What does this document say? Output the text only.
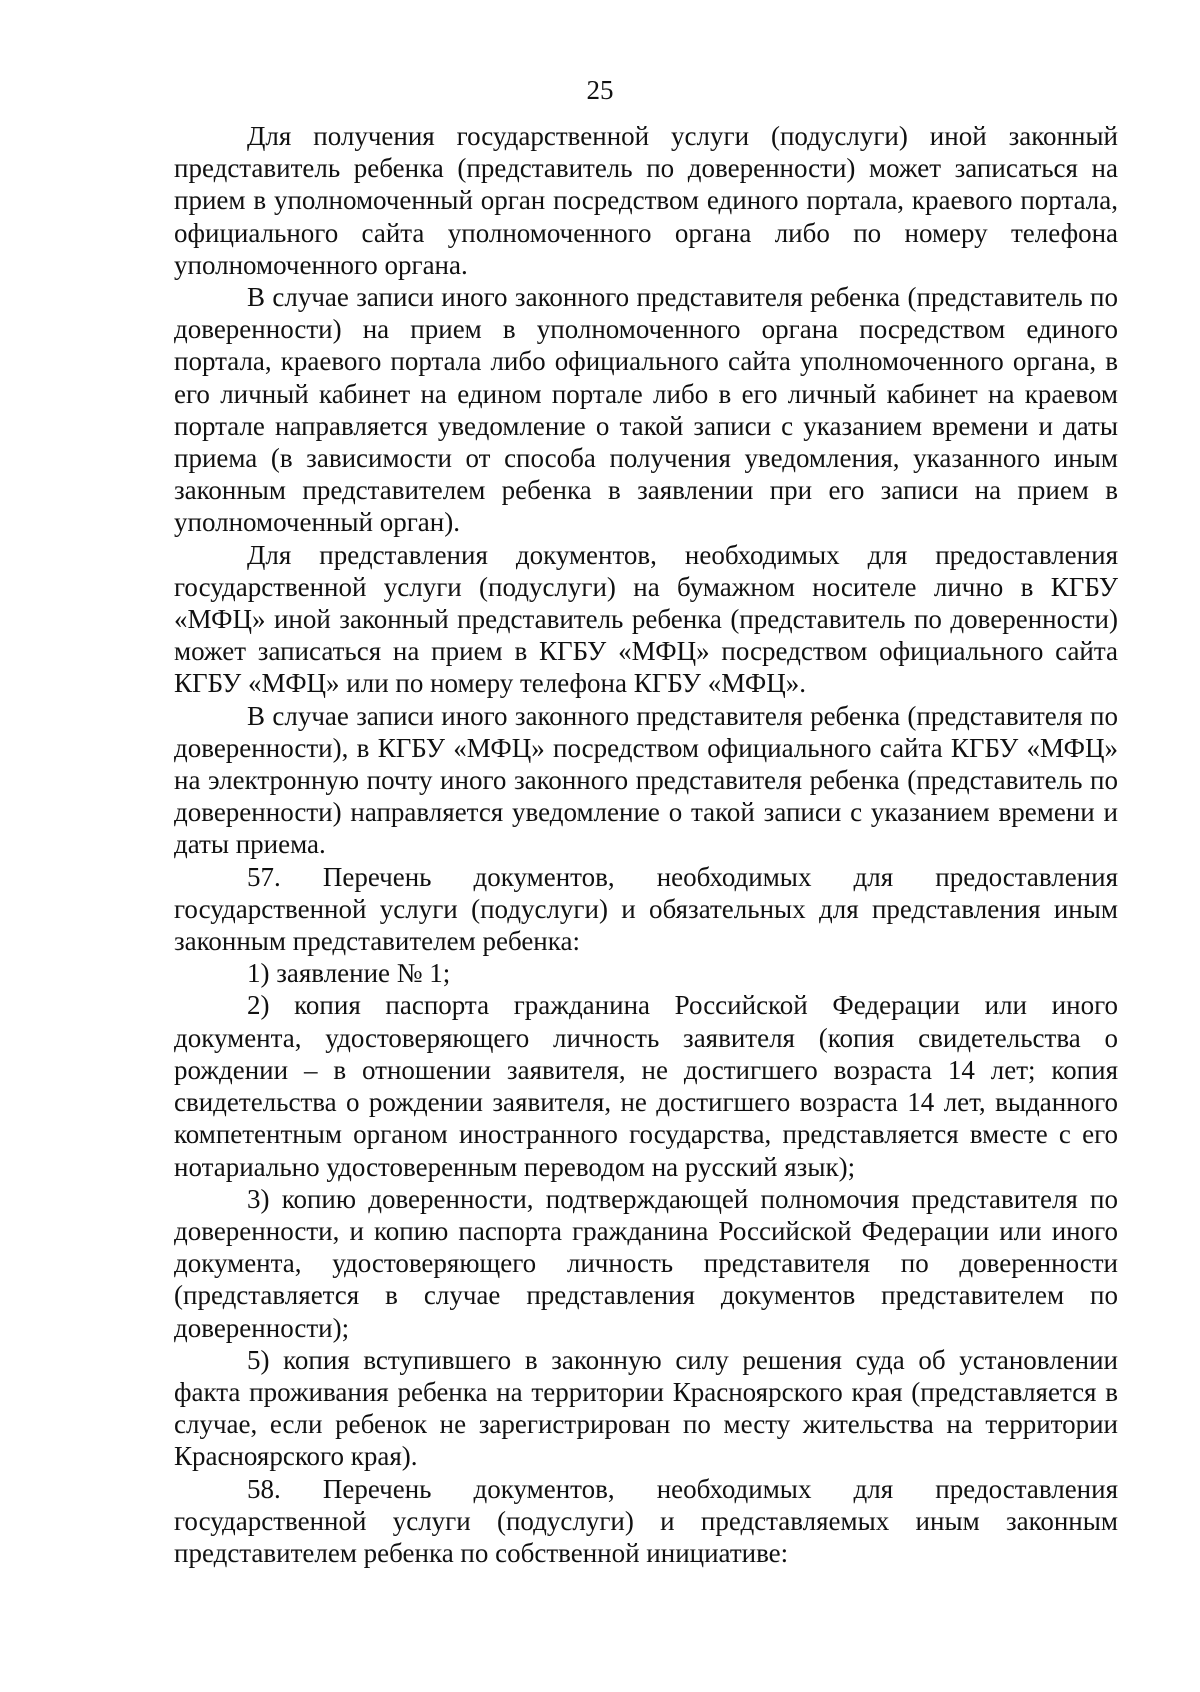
25

Для получения государственной услуги (подуслуги) иной законный представитель ребенка (представитель по доверенности) может записаться на прием в уполномоченный орган посредством единого портала, краевого портала, официального сайта уполномоченного органа либо по номеру телефона уполномоченного органа.

В случае записи иного законного представителя ребенка (представитель по доверенности) на прием в уполномоченного органа посредством единого портала, краевого портала либо официального сайта уполномоченного органа, в его личный кабинет на едином портале либо в его личный кабинет на краевом портале направляется уведомление о такой записи с указанием времени и даты приема (в зависимости от способа получения уведомления, указанного иным законным представителем ребенка в заявлении при его записи на прием в уполномоченный орган).

Для представления документов, необходимых для предоставления государственной услуги (подуслуги) на бумажном носителе лично в КГБУ «МФЦ» иной законный представитель ребенка (представитель по доверенности) может записаться на прием в КГБУ «МФЦ» посредством официального сайта КГБУ «МФЦ» или по номеру телефона КГБУ «МФЦ».

В случае записи иного законного представителя ребенка (представителя по доверенности), в КГБУ «МФЦ» посредством официального сайта КГБУ «МФЦ» на электронную почту иного законного представителя ребенка (представитель по доверенности) направляется уведомление о такой записи с указанием времени и даты приема.

57. Перечень документов, необходимых для предоставления государственной услуги (подуслуги) и обязательных для представления иным законным представителем ребенка:

1) заявление № 1;

2) копия паспорта гражданина Российской Федерации или иного документа, удостоверяющего личность заявителя (копия свидетельства о рождении – в отношении заявителя, не достигшего возраста 14 лет; копия свидетельства о рождении заявителя, не достигшего возраста 14 лет, выданного компетентным органом иностранного государства, представляется вместе с его нотариально удостоверенным переводом на русский язык);

3) копию доверенности, подтверждающей полномочия представителя по доверенности, и копию паспорта гражданина Российской Федерации или иного документа, удостоверяющего личность представителя по доверенности (представляется в случае представления документов представителем по доверенности);

5) копия вступившего в законную силу решения суда об установлении факта проживания ребенка на территории Красноярского края (представляется в случае, если ребенок не зарегистрирован по месту жительства на территории Красноярского края).

58. Перечень документов, необходимых для предоставления государственной услуги (подуслуги) и представляемых иным законным представителем ребенка по собственной инициативе:
